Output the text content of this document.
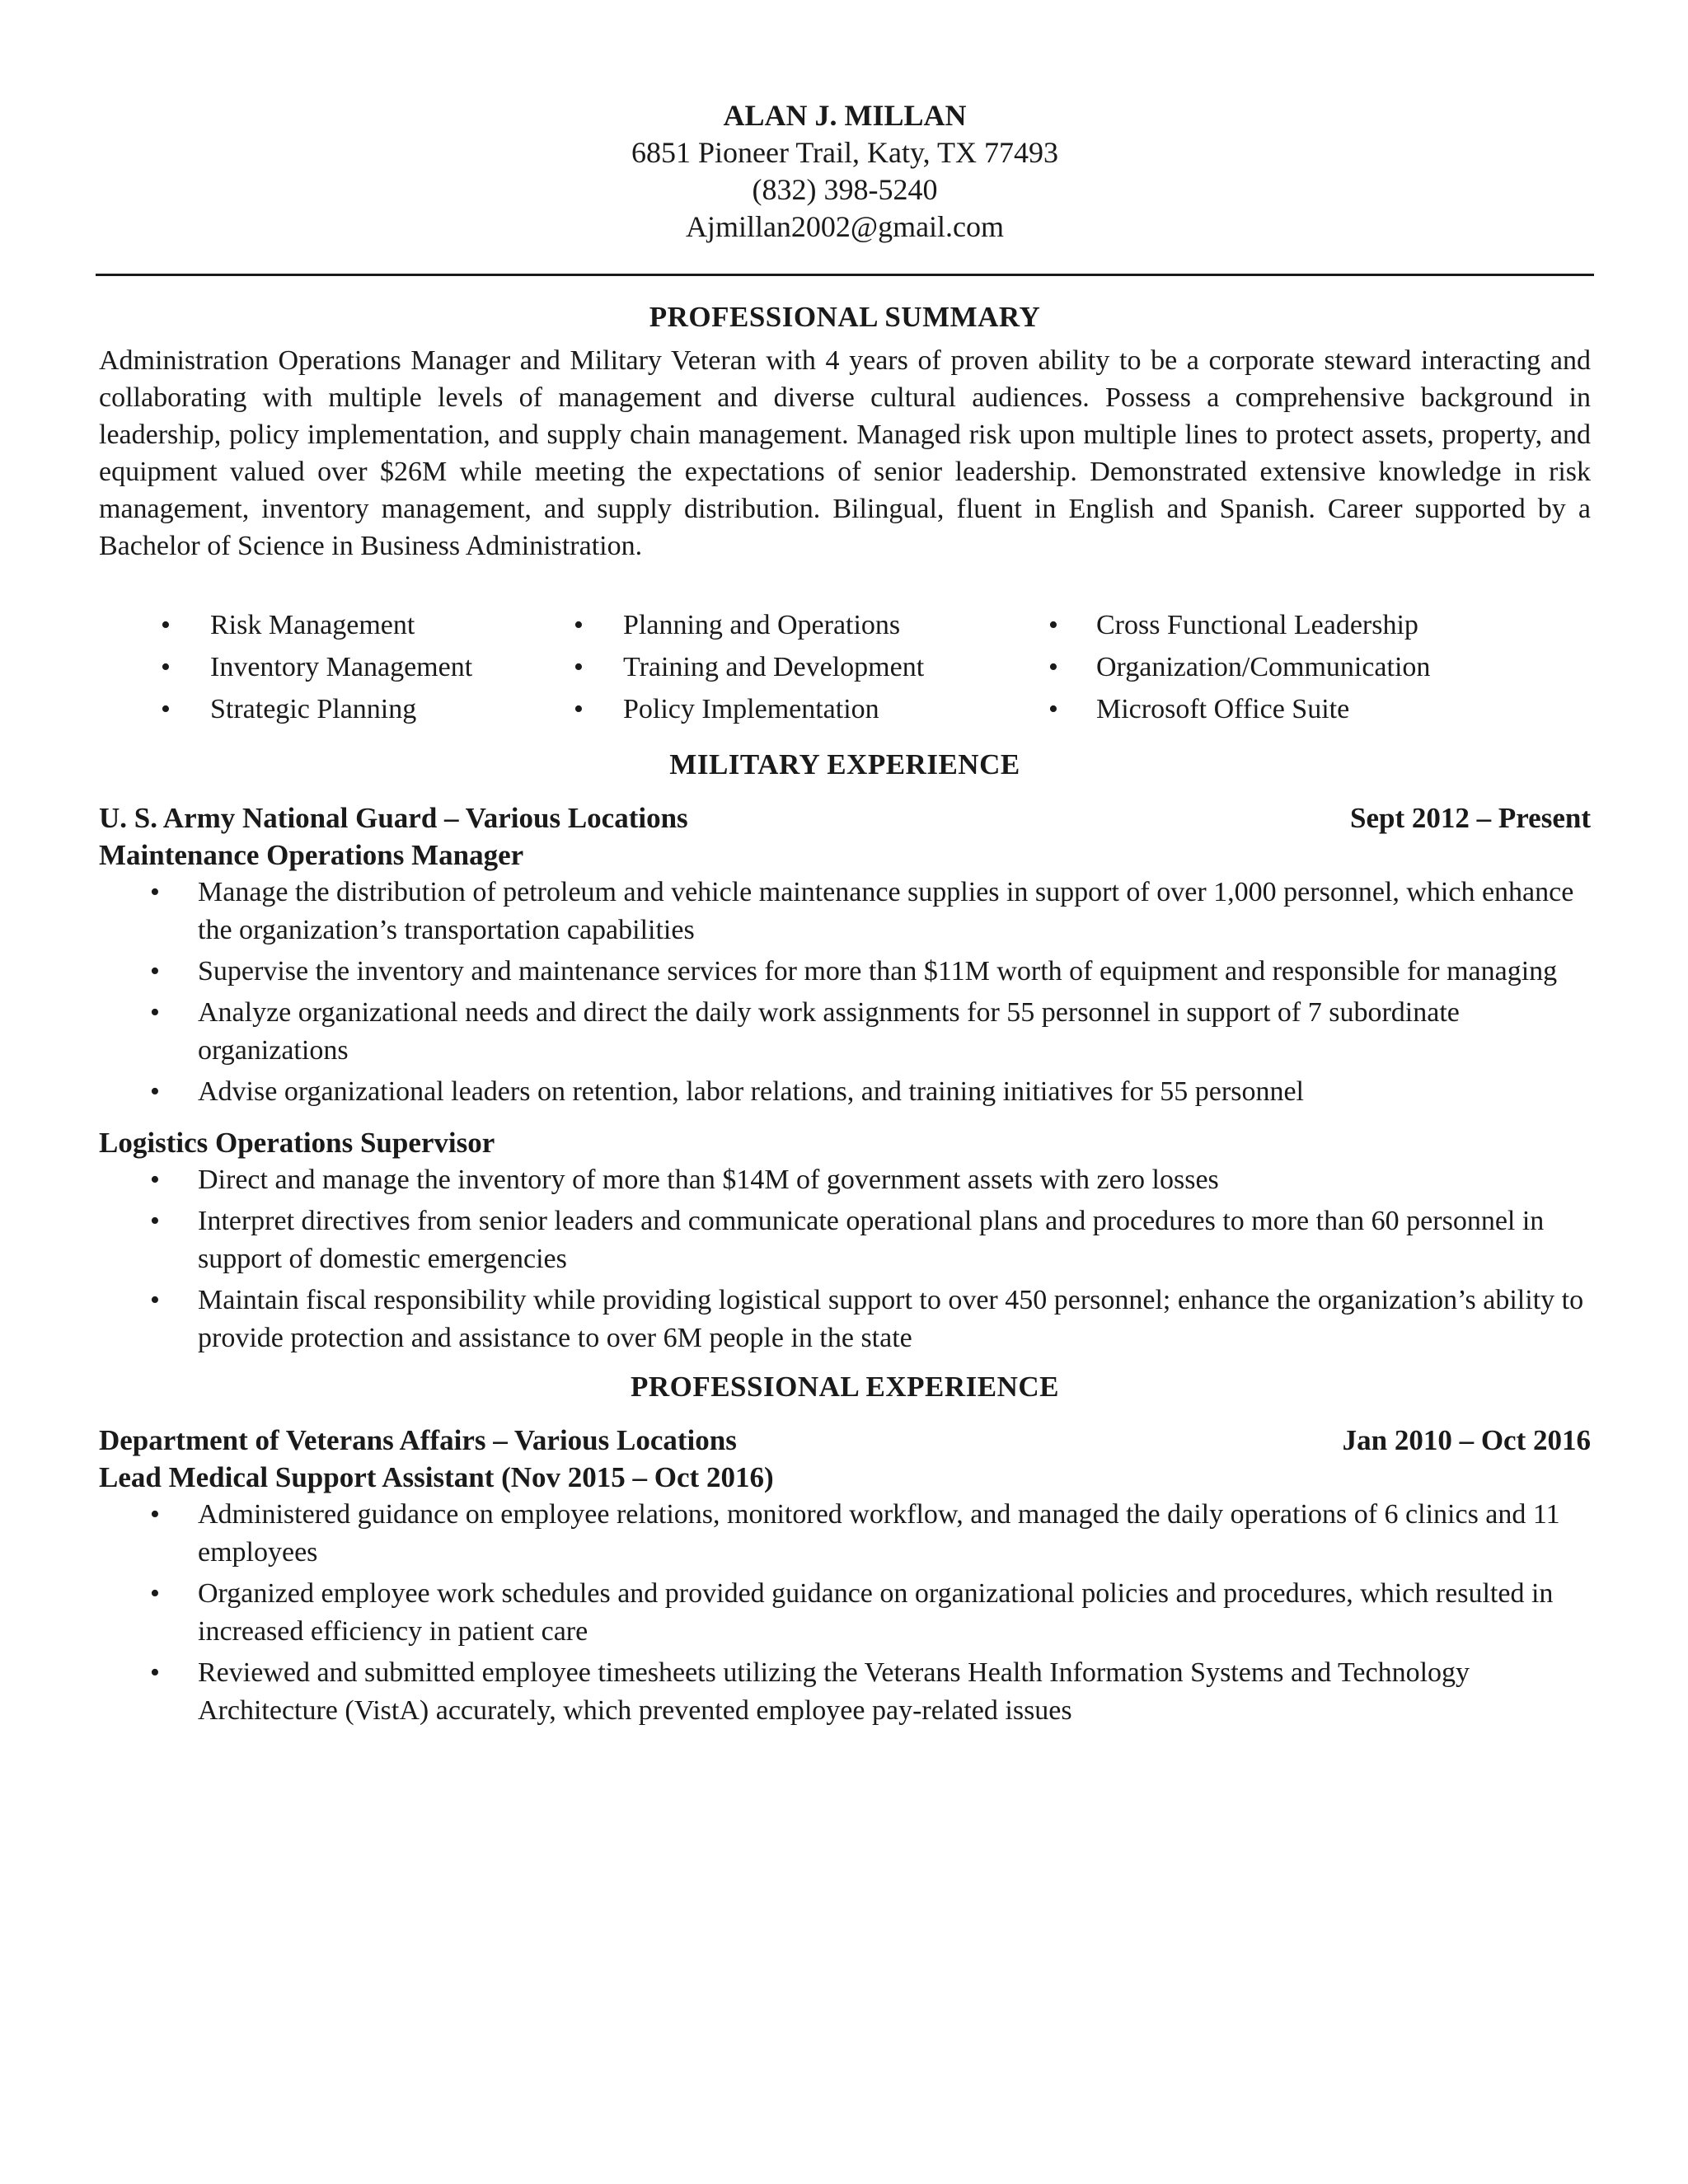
ALAN J. MILLAN
6851 Pioneer Trail, Katy, TX 77493
(832) 398-5240
Ajmillan2002@gmail.com
PROFESSIONAL SUMMARY
Administration Operations Manager and Military Veteran with 4 years of proven ability to be a corporate steward interacting and collaborating with multiple levels of management and diverse cultural audiences. Possess a comprehensive background in leadership, policy implementation, and supply chain management. Managed risk upon multiple lines to protect assets, property, and equipment valued over $26M while meeting the expectations of senior leadership. Demonstrated extensive knowledge in risk management, inventory management, and supply distribution. Bilingual, fluent in English and Spanish. Career supported by a Bachelor of Science in Business Administration.
• Risk Management
• Inventory Management
• Strategic Planning
• Planning and Operations
• Training and Development
• Policy Implementation
• Cross Functional Leadership
• Organization/Communication
• Microsoft Office Suite
MILITARY EXPERIENCE
U. S. Army National Guard – Various Locations	Sept 2012 – Present
Maintenance Operations Manager
• Manage the distribution of petroleum and vehicle maintenance supplies in support of over 1,000 personnel, which enhance the organization’s transportation capabilities
• Supervise the inventory and maintenance services for more than $11M worth of equipment and responsible for managing
• Analyze organizational needs and direct the daily work assignments for 55 personnel in support of 7 subordinate organizations
• Advise organizational leaders on retention, labor relations, and training initiatives for 55 personnel
Logistics Operations Supervisor
• Direct and manage the inventory of more than $14M of government assets with zero losses
• Interpret directives from senior leaders and communicate operational plans and procedures to more than 60 personnel in support of domestic emergencies
• Maintain fiscal responsibility while providing logistical support to over 450 personnel; enhance the organization’s ability to provide protection and assistance to over 6M people in the state
PROFESSIONAL EXPERIENCE
Department of Veterans Affairs – Various Locations	Jan 2010 – Oct 2016
Lead Medical Support Assistant (Nov 2015 – Oct 2016)
• Administered guidance on employee relations, monitored workflow, and managed the daily operations of 6 clinics and 11 employees
• Organized employee work schedules and provided guidance on organizational policies and procedures, which resulted in increased efficiency in patient care
• Reviewed and submitted employee timesheets utilizing the Veterans Health Information Systems and Technology Architecture (VistA) accurately, which prevented employee pay-related issues
